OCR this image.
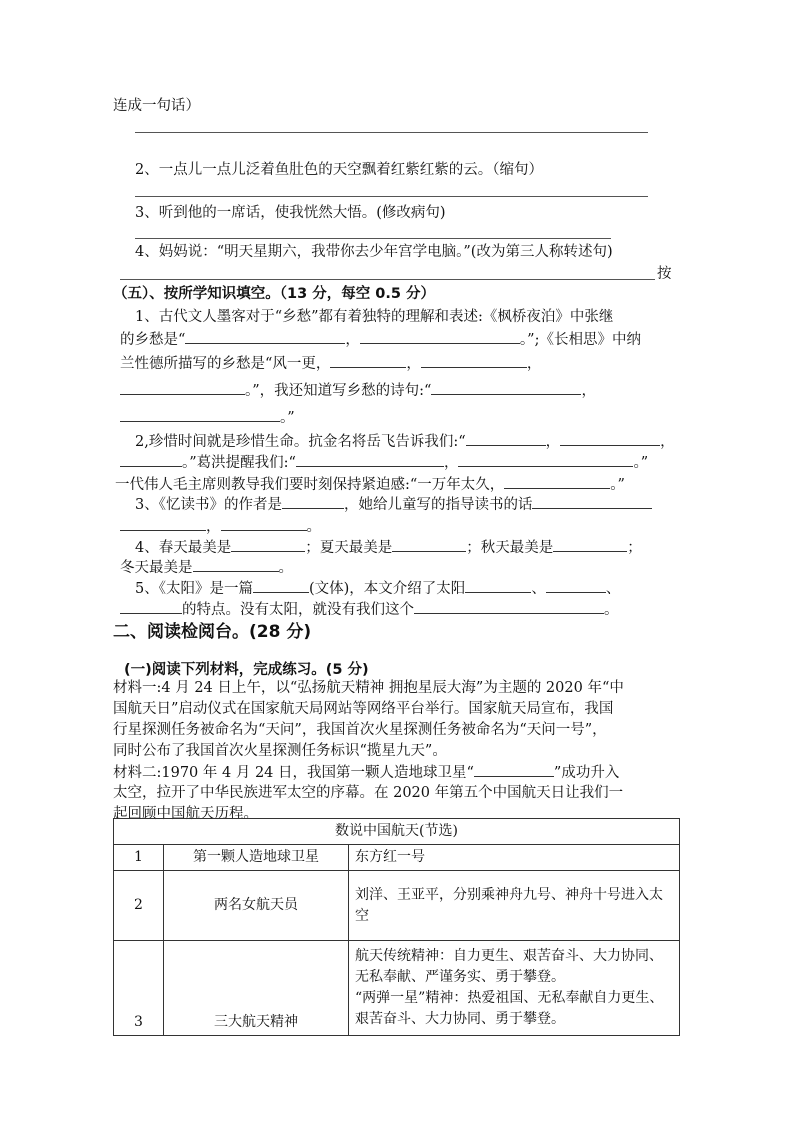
连成一句话）
2、一点儿一点儿泛着鱼肚色的天空飘着红紫红紫的云。（缩句）
3、听到他的一席话，使我恍然大悟。(修改病句)
4、妈妈说：“明天星期六，我带你去少年宫学电脑。”(改为第三人称转述句)
按
（五）、按所学知识填空。（13 分，每空 0.5 分）
1、古代文人墨客对于“乡愁”都有着独特的理解和表述:《枫桥夜泊》中张继
的乡愁是“	，	。”;《长相思》中纳
兰性德所描写的乡愁是“风一更，	，	，
。”，我还知道写乡愁的诗句:“	，
。”
2,珍惜时间就是珍惜生命。抗金名将岳飞告诉我们:“	，	，
。”葛洪提醒我们:“	，	。”
一代伟人毛主席则教导我们要时刻保持紧迫感:“一万年太久，	。”
3、《忆读书》的作者是	，她给儿童写的指导读书的话
，	。
4、春天最美是	；夏天最美是	；秋天最美是	；
冬天最美是	。
5、《太阳》是一篇	(文体)，本文介绍了太阳	、	、
的特点。没有太阳，就没有我们这个	。
二、阅读检阅台。(28 分)
(一)阅读下列材料，完成练习。(5 分)
材料一:4 月 24 日上午，以“弘扬航天精神 拥抱星辰大海”为主题的 2020 年“中
国航天日”启动仪式在国家航天局网站等网络平台举行。国家航天局宣布，我国
行星探测任务被命名为“天问”，我国首次火星探测任务被命名为“天问一号”，
同时公布了我国首次火星探测任务标识“揽星九天”。
材料二:1970 年 4 月 24 日，我国第一颗人造地球卫星“	”成功升入
太空，拉开了中华民族进军太空的序幕。在 2020 年第五个中国航天日让我们一
起回顾中国航天历程。
数说中国航天(节选)		
1	第一颗人造地球卫星	东方红一号
2	两名女航天员	刘洋、王亚平，分别乘神舟九号、神舟十号进入太空
3	三大航天精神	航天传统精神：自力更生、艰苦奋斗、大力协同、无私奉献、严谨务实、勇于攀登。
“两弹一星”精神：热爱祖国、无私奉献自力更生、艰苦奋斗、大力协同、勇于攀登。
